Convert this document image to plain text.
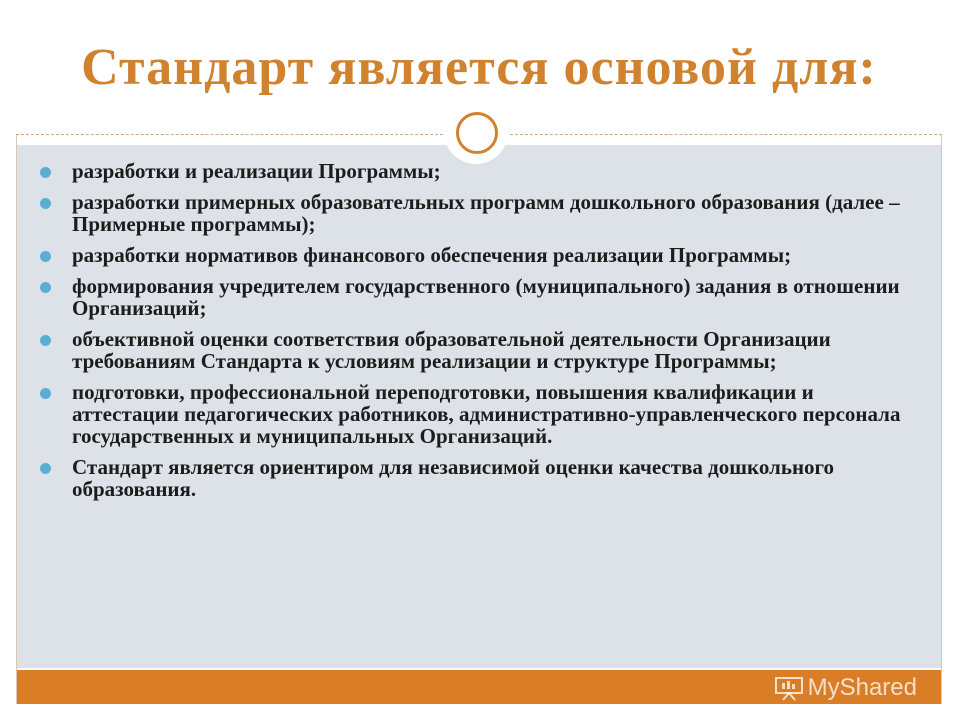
Стандарт является основой для:
разработки и реализации Программы;
разработки примерных образовательных программ дошкольного образования (далее – Примерные программы);
разработки нормативов финансового обеспечения реализации Программы;
формирования учредителем государственного (муниципального) задания в отношении Организаций;
объективной оценки соответствия образовательной деятельности Организации требованиям Стандарта к условиям реализации и структуре Программы;
подготовки, профессиональной переподготовки, повышения квалификации и аттестации педагогических работников, административно-управленческого персонала государственных и муниципальных Организаций.
Стандарт является ориентиром для независимой оценки качества дошкольного образования.
MyShared
